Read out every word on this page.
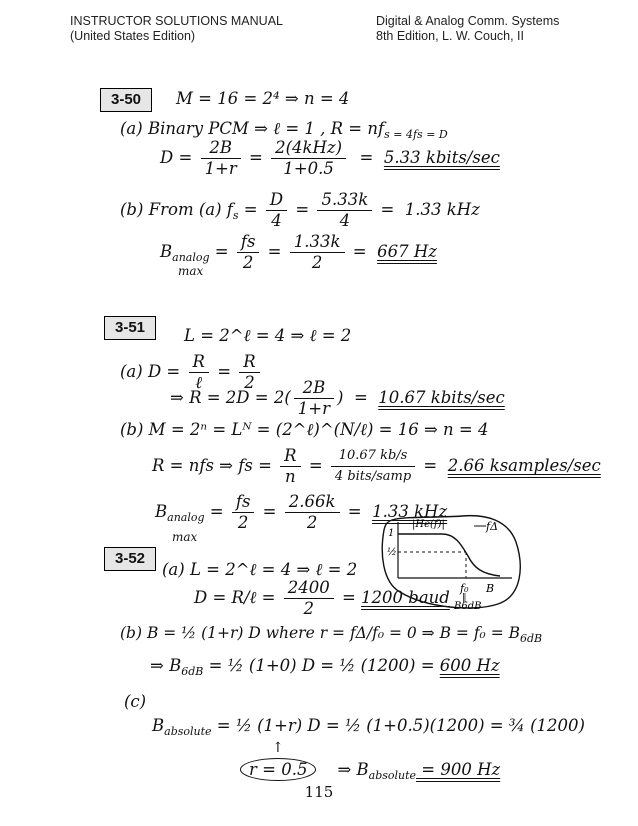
INSTRUCTOR SOLUTIONS MANUAL
(United States Edition)
Digital & Analog Comm. Systems
8th Edition, L. W. Couch, II
3-50	M = 16 = 2⁴ ⇒ n = 4
(a) Binary PCM ⇒ ℓ = 1 , $R = nf_{s = 4fs = D}$
$D = \frac{2B}{1+r} = \frac{\text{2(4kHz)}}{1+0.5} = 5.33$ kbits/sec
(b) From (a) $f_s = \frac{D}{4} = \frac{5.33k}{4} = 1.33$ kHz
$B_{analog} = \frac{fs}{2} = \frac{1.33k}{2} = 667$ Hz
max
3-51	L = 2^ℓ = 4 ⇒ ℓ = 2
(a) $D = \frac{R}{\text{ℓ}} = \frac{R}{2}$
⇒ $R = 2D = 2( \frac{2B}{1+r}$ )  =  10.67 kbits/sec
(b) M = 2ⁿ = Lᴺ = (2^ℓ)^(N/ℓ) = 16 ⇒ n = 4
R = nfs ⇒ fs = $\frac{R}{n} = \frac{10.67 kb/s}{\text{4 bits/samp}} = 2.66$ ksamples/sec
$B_{analog} = \frac{fs}{2} = \frac{2.66k}{2} = 1.33$ kHz
max	1
½
|He(f)|	fΔ
f₀ B
‖
B6dB
3-52
(a) L = 2^ℓ = 4 ⇒ ℓ = 2
D = R/ℓ = $\frac{2400}{2} = 1200$ baud
(b) B = ½ (1+r) D where r = fΔ/f₀ = 0 ⇒ $B = f_0 = B_{6dB}$
⇒ $B_{6dB}$ = ½ (1+0) D = ½ (1200) = 600 Hz
(c)
$B_{absolute}$ = ½ (1+r) D = ½ (1+0.5)(1200) = ¾ (1200)
↑
r = 0.5 ⇒ $B_{absolute} = 900$ Hz
115
